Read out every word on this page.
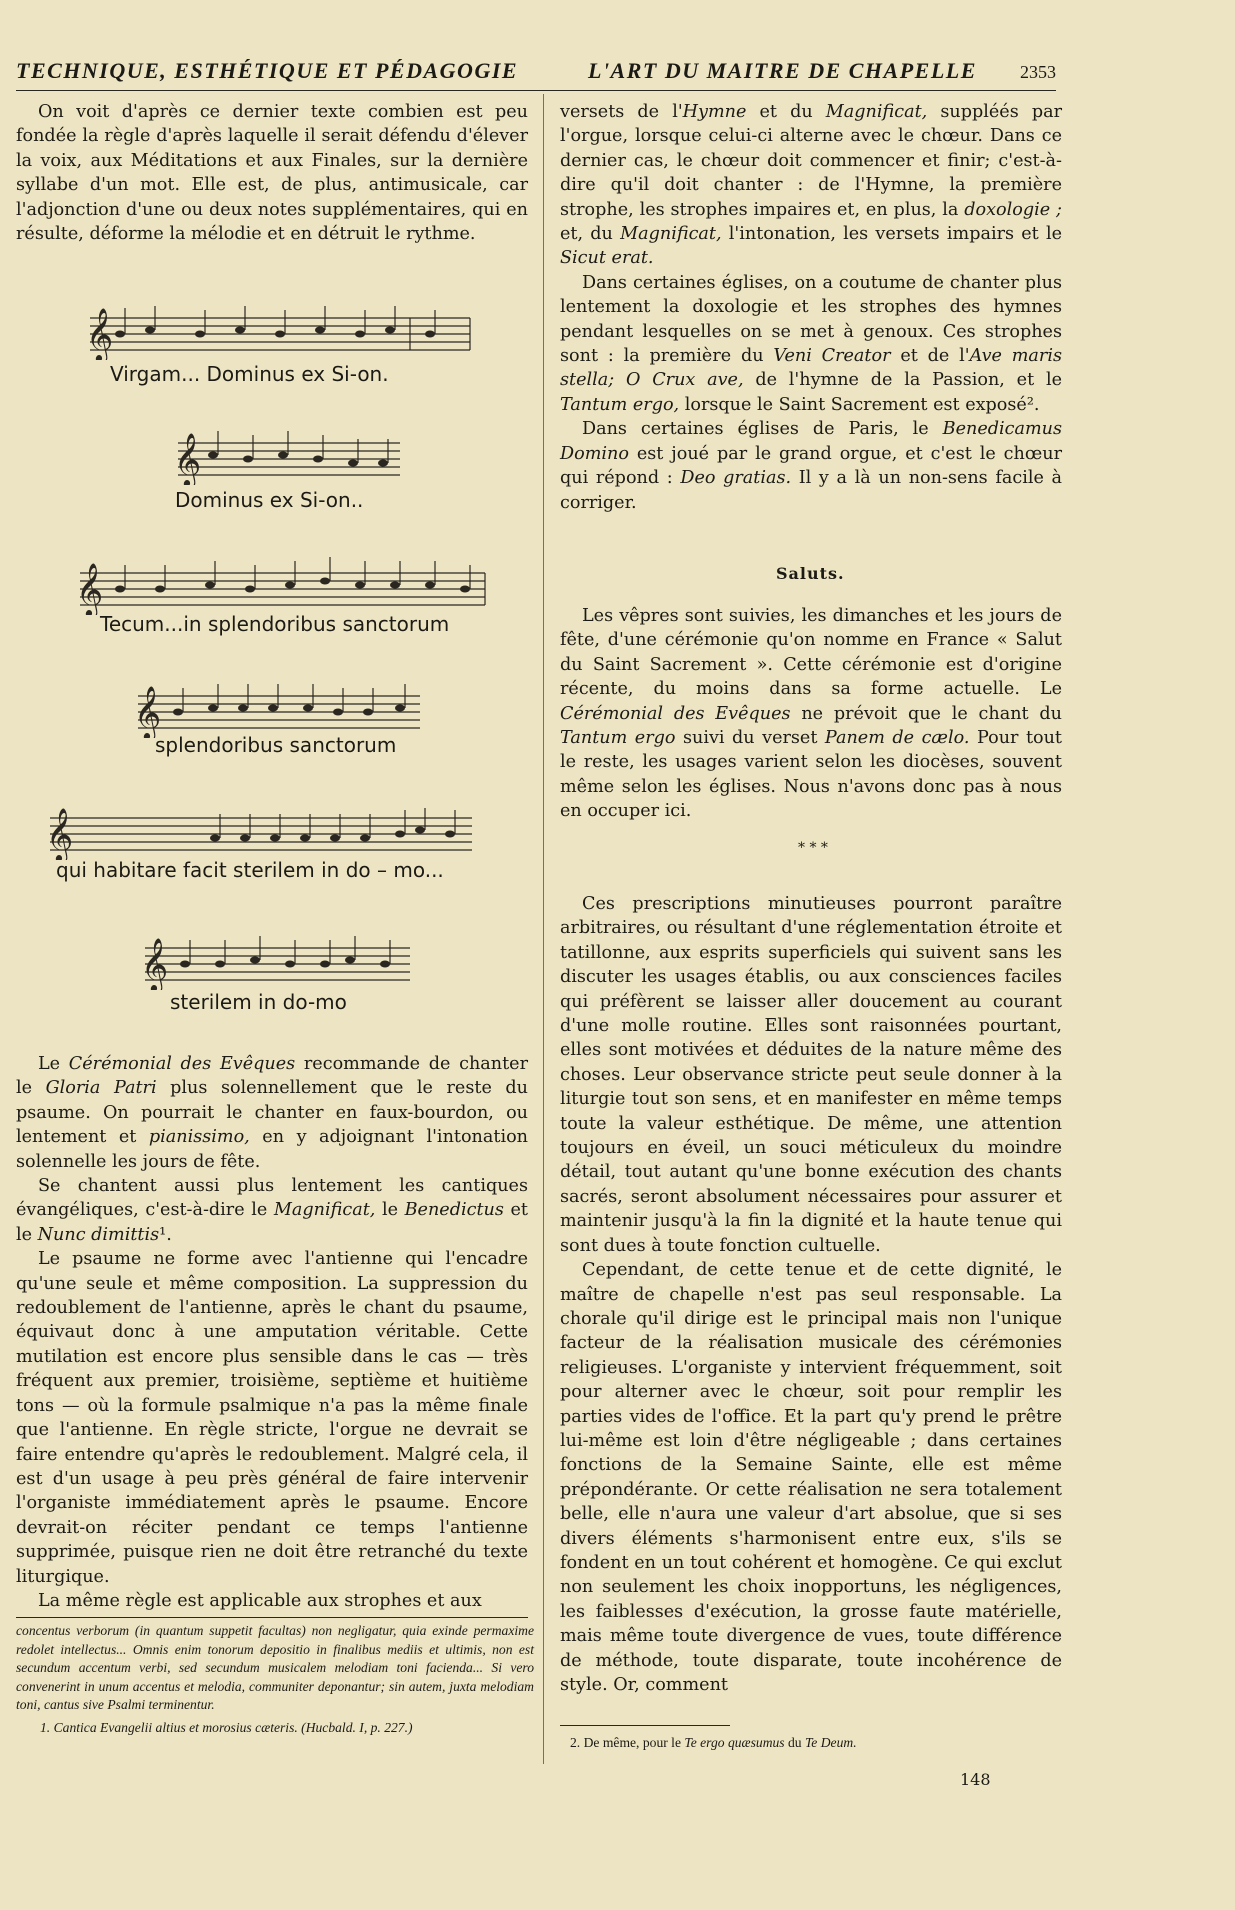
TECHNIQUE, ESTHÉTIQUE ET PÉDAGOGIE	L'ART DU MAITRE DE CHAPELLE 2353

On voit d'après ce dernier texte combien est peu fondée la règle d'après laquelle il serait défendu d'élever la voix, aux Méditations et aux Finales, sur la dernière syllabe d'un mot. Elle est, de plus, antimusicale, car l'adjonction d'une ou deux notes supplémentaires, qui en résulte, déforme la mélodie et en détruit le rythme.

𝄞
Virgam... Dominus ex Si-on.
𝄞
Dominus ex Si-on..
𝄞
Tecum...in splendoribus sanctorum
𝄞
splendoribus sanctorum
𝄞
qui habitare facit sterilem in do – mo...
𝄞
sterilem in do-mo

Le Cérémonial des Evêques recommande de chanter le Gloria Patri plus solennellement que le reste du psaume. On pourrait le chanter en faux-bourdon, ou lentement et pianissimo, en y adjoignant l'intonation solennelle les jours de fête.

Se chantent aussi plus lentement les cantiques évangéliques, c'est-à-dire le Magnificat, le Benedictus et le Nunc dimittis¹.

Le psaume ne forme avec l'antienne qui l'encadre qu'une seule et même composition. La suppression du redoublement de l'antienne, après le chant du psaume, équivaut donc à une amputation véritable. Cette mutilation est encore plus sensible dans le cas — très fréquent aux premier, troisième, septième et huitième tons — où la formule psalmique n'a pas la même finale que l'antienne. En règle stricte, l'orgue ne devrait se faire entendre qu'après le redoublement. Malgré cela, il est d'un usage à peu près général de faire intervenir l'organiste immédiatement après le psaume. Encore devrait-on réciter pendant ce temps l'antienne supprimée, puisque rien ne doit être retranché du texte liturgique.

La même règle est applicable aux strophes et aux

concentus verborum (in quantum suppetit facultas) non negligatur, quia exinde permaxime redolet intellectus... Omnis enim tonorum depositio in finalibus mediis et ultimis, non est secundum accentum verbi, sed secundum musicalem melodiam toni facienda... Si vero convenerint in unum accentus et melodia, communiter deponantur; sin autem, juxta melodiam toni, cantus sive Psalmi terminentur.

1. Cantica Evangelii altius et morosius cæteris. (Hucbald. I, p. 227.)

versets de l'Hymne et du Magnificat, suppléés par l'orgue, lorsque celui-ci alterne avec le chœur. Dans ce dernier cas, le chœur doit commencer et finir; c'est-à-dire qu'il doit chanter : de l'Hymne, la première strophe, les strophes impaires et, en plus, la doxologie ; et, du Magnificat, l'intonation, les versets impairs et le Sicut erat.

Dans certaines églises, on a coutume de chanter plus lentement la doxologie et les strophes des hymnes pendant lesquelles on se met à genoux. Ces strophes sont : la première du Veni Creator et de l'Ave maris stella; O Crux ave, de l'hymne de la Passion, et le Tantum ergo, lorsque le Saint Sacrement est exposé².

Dans certaines églises de Paris, le Benedicamus Domino est joué par le grand orgue, et c'est le chœur qui répond : Deo gratias. Il y a là un non-sens facile à corriger.

Saluts.

Les vêpres sont suivies, les dimanches et les jours de fête, d'une cérémonie qu'on nomme en France « Salut du Saint Sacrement ». Cette cérémonie est d'origine récente, du moins dans sa forme actuelle. Le Cérémonial des Evêques ne prévoit que le chant du Tantum ergo suivi du verset Panem de cælo. Pour tout le reste, les usages varient selon les diocèses, souvent même selon les églises. Nous n'avons donc pas à nous en occuper ici.

* * *

Ces prescriptions minutieuses pourront paraître arbitraires, ou résultant d'une réglementation étroite et tatillonne, aux esprits superficiels qui suivent sans les discuter les usages établis, ou aux consciences faciles qui préfèrent se laisser aller doucement au courant d'une molle routine. Elles sont raisonnées pourtant, elles sont motivées et déduites de la nature même des choses. Leur observance stricte peut seule donner à la liturgie tout son sens, et en manifester en même temps toute la valeur esthétique. De même, une attention toujours en éveil, un souci méticuleux du moindre détail, tout autant qu'une bonne exécution des chants sacrés, seront absolument nécessaires pour assurer et maintenir jusqu'à la fin la dignité et la haute tenue qui sont dues à toute fonction cultuelle.

Cependant, de cette tenue et de cette dignité, le maître de chapelle n'est pas seul responsable. La chorale qu'il dirige est le principal mais non l'unique facteur de la réalisation musicale des cérémonies religieuses. L'organiste y intervient fréquemment, soit pour alterner avec le chœur, soit pour remplir les parties vides de l'office. Et la part qu'y prend le prêtre lui-même est loin d'être négligeable ; dans certaines fonctions de la Semaine Sainte, elle est même prépondérante. Or cette réalisation ne sera totalement belle, elle n'aura une valeur d'art absolue, que si ses divers éléments s'harmonisent entre eux, s'ils se fondent en un tout cohérent et homogène. Ce qui exclut non seulement les choix inopportuns, les négligences, les faiblesses d'exécution, la grosse faute matérielle, mais même toute divergence de vues, toute différence de méthode, toute disparate, toute incohérence de style. Or, comment

2. De même, pour le Te ergo quæsumus du Te Deum.

148
